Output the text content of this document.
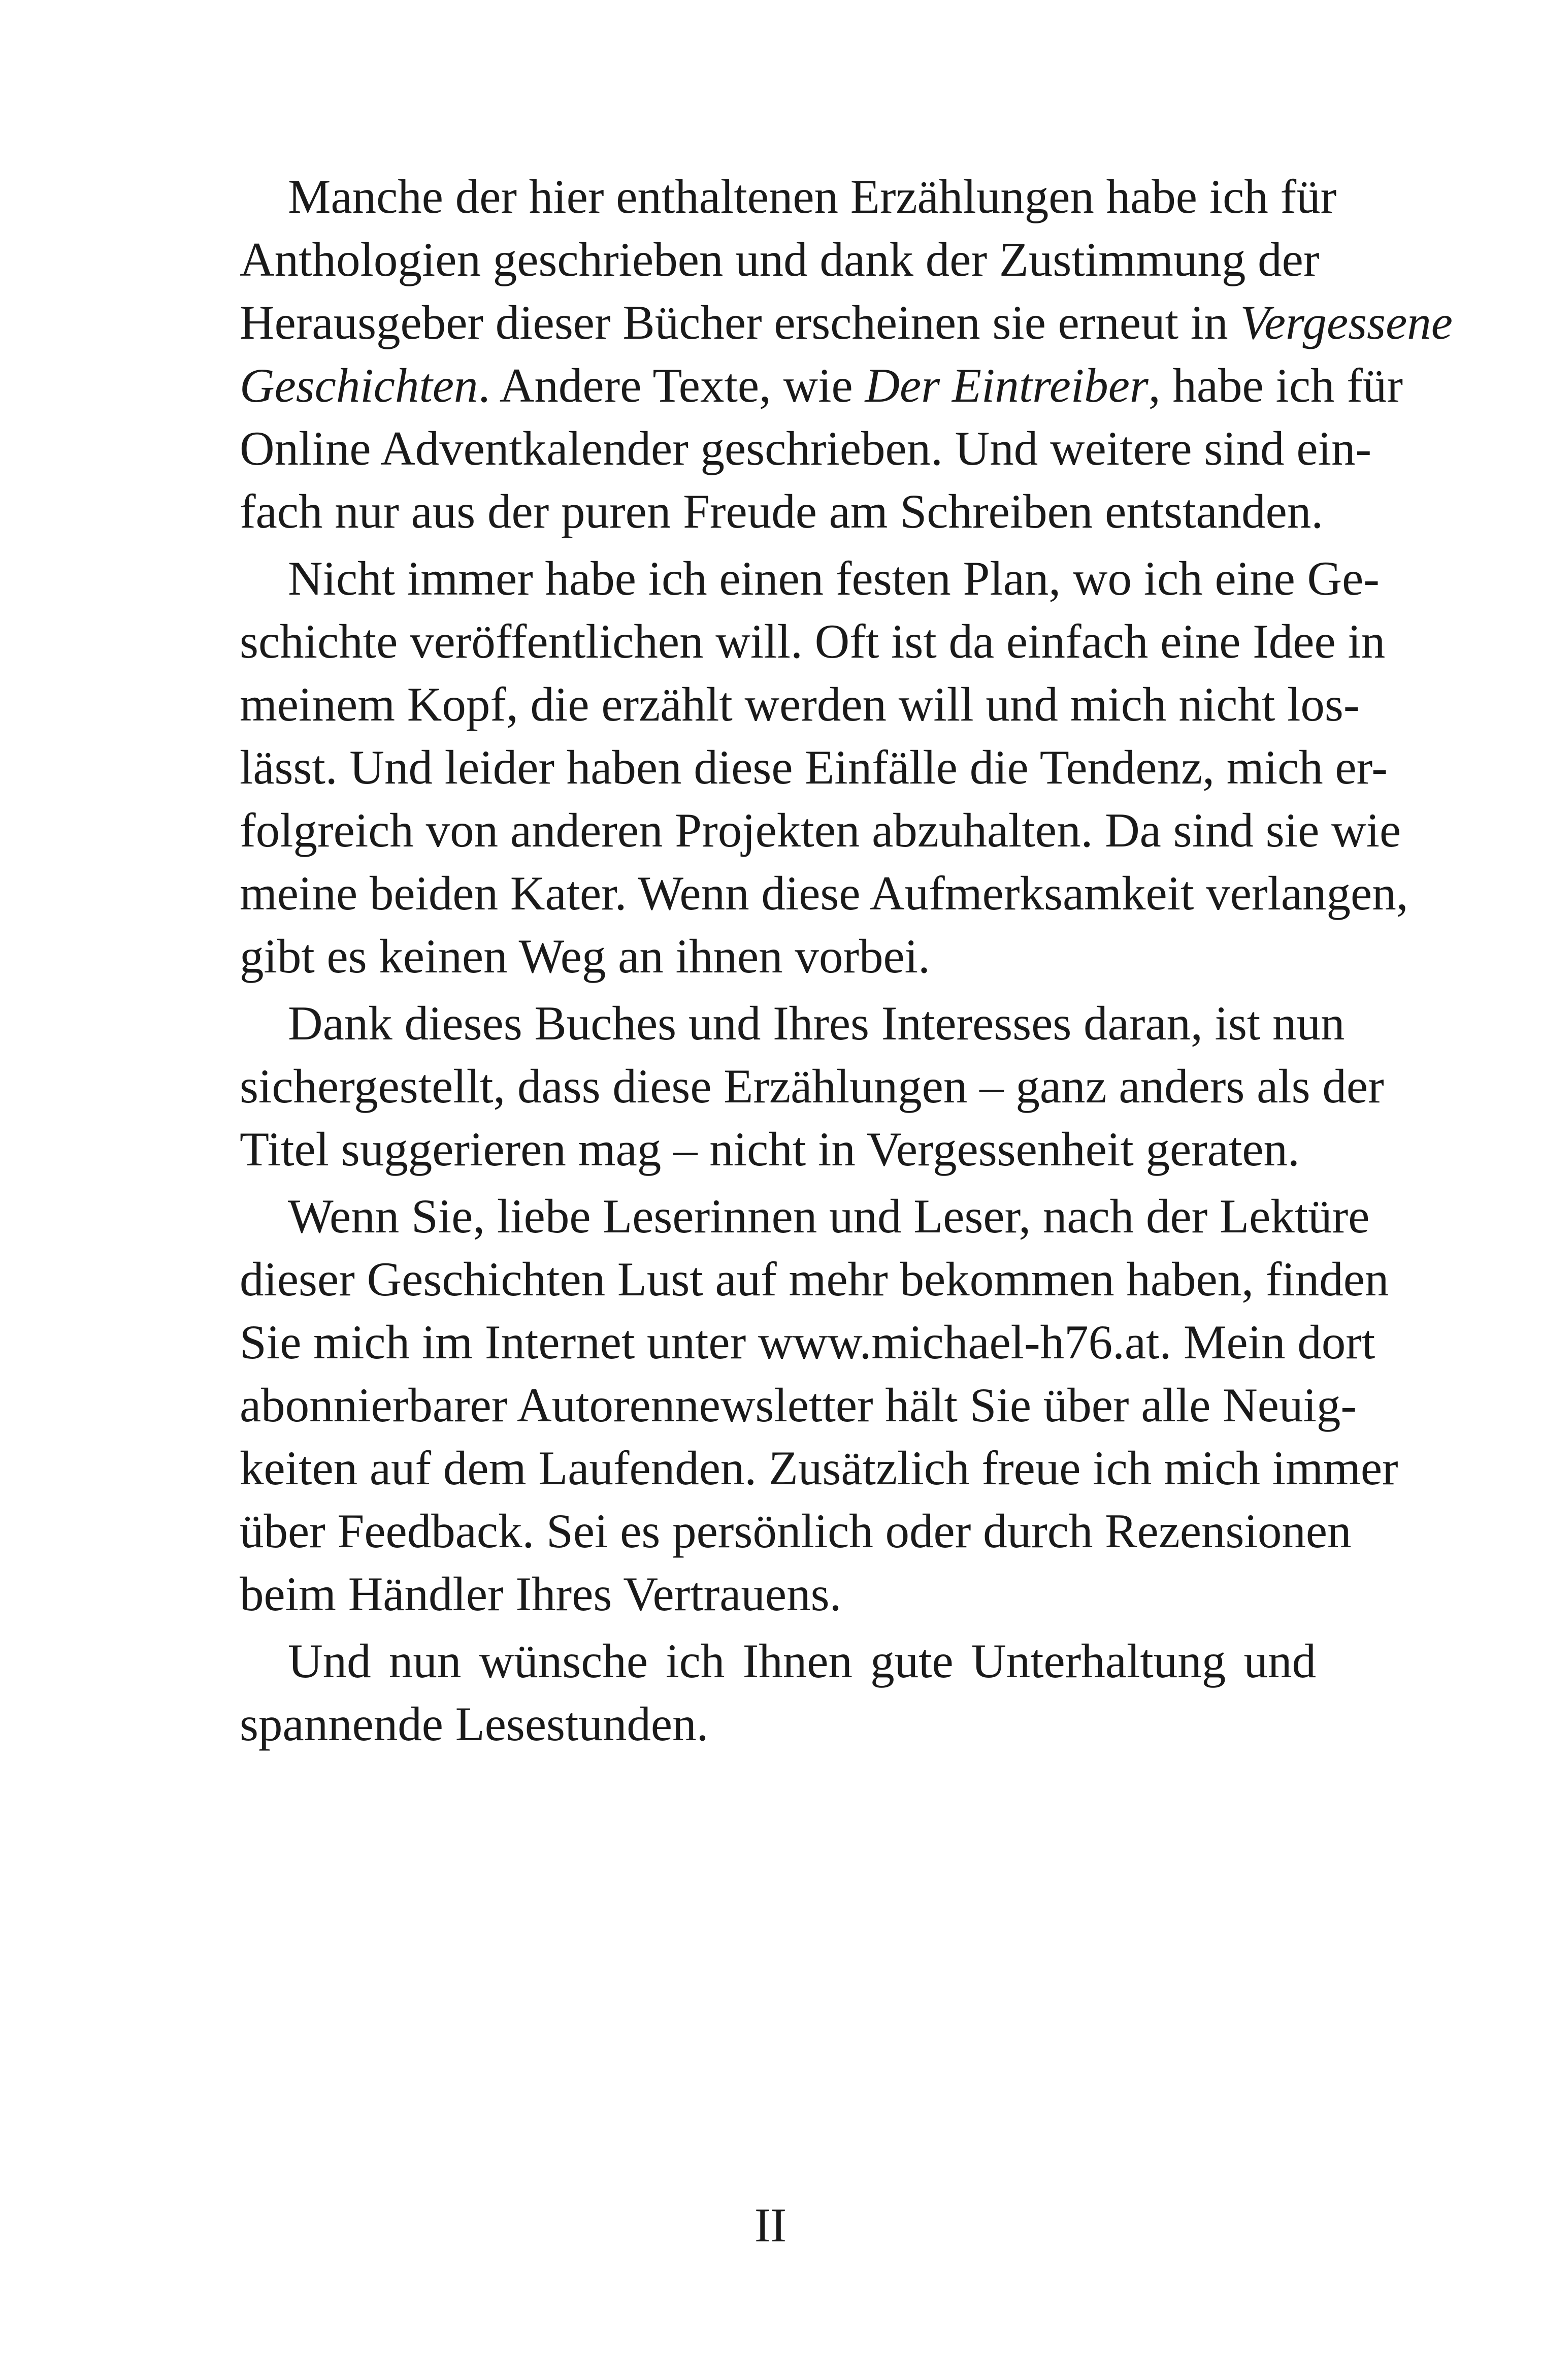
Manche der hier enthaltenen Erzählungen habe ich für
Anthologien geschrieben und dank der Zustimmung der
Herausgeber dieser Bücher erscheinen sie erneut in Vergessene
Geschichten. Andere Texte, wie Der Eintreiber, habe ich für
Online Adventkalender geschrieben. Und weitere sind ein-
fach nur aus der puren Freude am Schreiben entstanden.
Nicht immer habe ich einen festen Plan, wo ich eine Ge-
schichte veröffentlichen will. Oft ist da einfach eine Idee in
meinem Kopf, die erzählt werden will und mich nicht los-
lässt. Und leider haben diese Einfälle die Tendenz, mich er-
folgreich von anderen Projekten abzuhalten. Da sind sie wie
meine beiden Kater. Wenn diese Aufmerksamkeit verlangen,
gibt es keinen Weg an ihnen vorbei.
Dank dieses Buches und Ihres Interesses daran, ist nun
sichergestellt, dass diese Erzählungen – ganz anders als der
Titel suggerieren mag – nicht in Vergessenheit geraten.
Wenn Sie, liebe Leserinnen und Leser, nach der Lektüre
dieser Geschichten Lust auf mehr bekommen haben, finden
Sie mich im Internet unter www.michael-h76.at. Mein dort
abonnierbarer Autorennewsletter hält Sie über alle Neuig-
keiten auf dem Laufenden. Zusätzlich freue ich mich immer
über Feedback. Sei es persönlich oder durch Rezensionen
beim Händler Ihres Vertrauens.
Und nun wünsche ich Ihnen gute Unterhaltung und
spannende Lesestunden.
II
